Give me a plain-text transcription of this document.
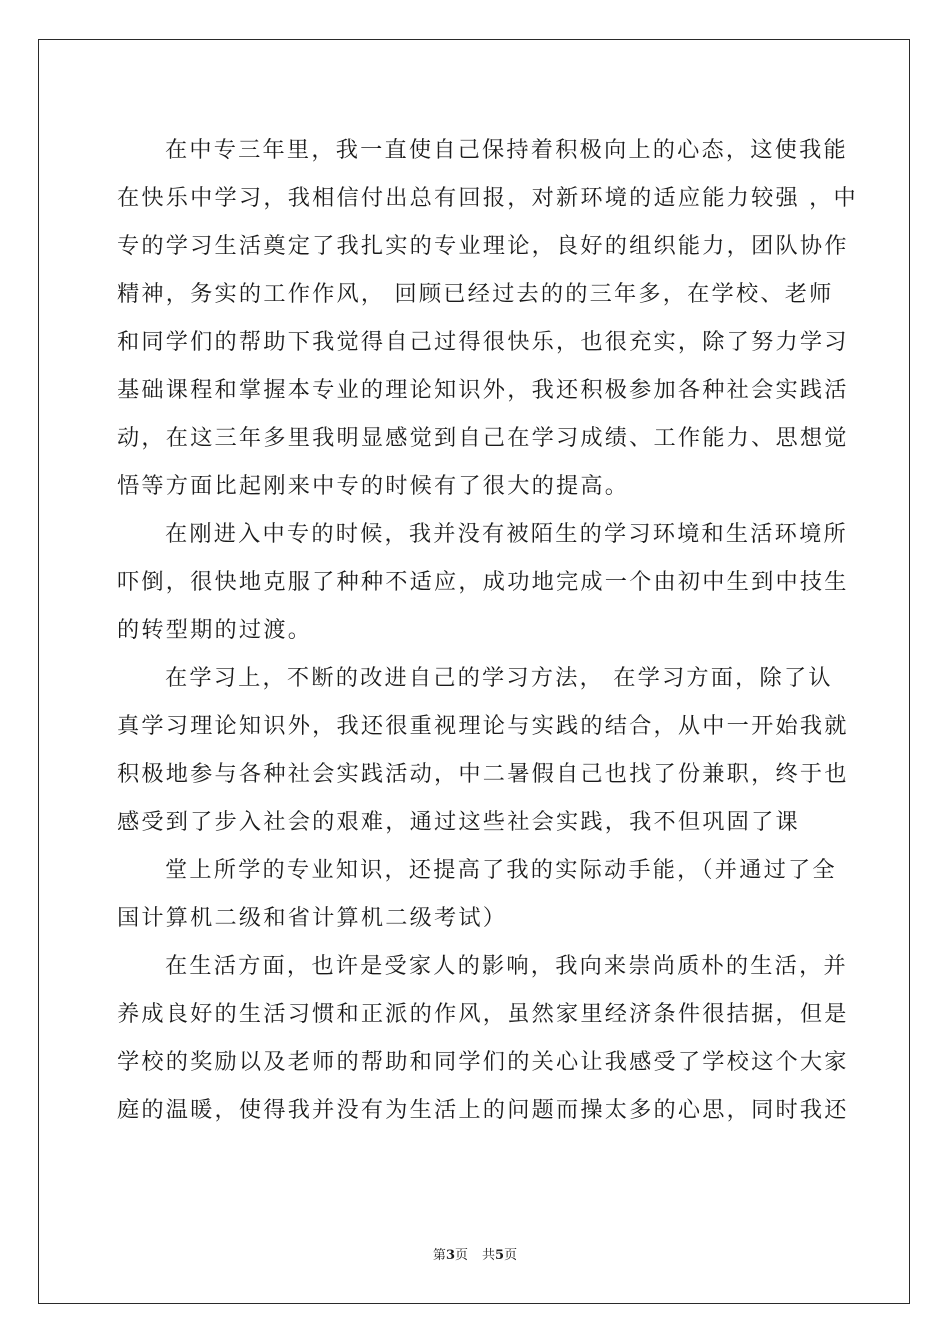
在中专三年里，我一直使自己保持着积极向上的心态，这使我能
在快乐中学习，我相信付出总有回报，对新环境的适应能力较强 ，中
专的学习生活奠定了我扎实的专业理论，良好的组织能力，团队协作
精神，务实的工作作风， 回顾已经过去的的三年多，在学校、老师
和同学们的帮助下我觉得自己过得很快乐，也很充实，除了努力学习
基础课程和掌握本专业的理论知识外，我还积极参加各种社会实践活
动，在这三年多里我明显感觉到自己在学习成绩、工作能力、思想觉
悟等方面比起刚来中专的时候有了很大的提高。
在刚进入中专的时候，我并没有被陌生的学习环境和生活环境所
吓倒，很快地克服了种种不适应，成功地完成一个由初中生到中技生
的转型期的过渡。
在学习上，不断的改进自己的学习方法， 在学习方面，除了认
真学习理论知识外，我还很重视理论与实践的结合，从中一开始我就
积极地参与各种社会实践活动，中二暑假自己也找了份兼职，终于也
感受到了步入社会的艰难，通过这些社会实践，我不但巩固了课
堂上所学的专业知识，还提高了我的实际动手能，（并通过了全
国计算机二级和省计算机二级考试）
在生活方面，也许是受家人的影响，我向来崇尚质朴的生活，并
养成良好的生活习惯和正派的作风，虽然家里经济条件很拮据，但是
学校的奖励以及老师的帮助和同学们的关心让我感受了学校这个大家
庭的温暖，使得我并没有为生活上的问题而操太多的心思，同时我还
第3页 共5页
